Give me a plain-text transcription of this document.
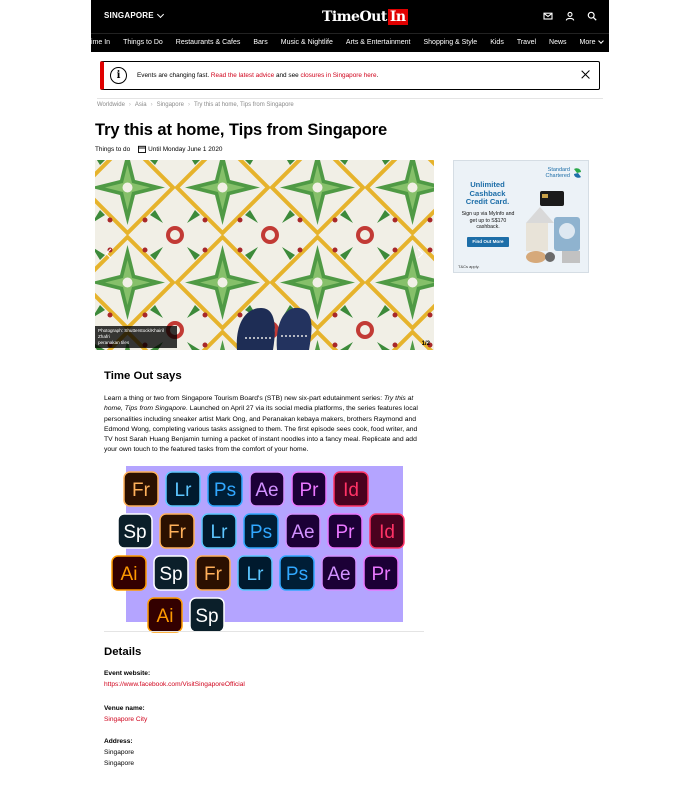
SINGAPORE	TimeOut In
Time In Things to Do Restaurants & Cafes Bars Music & Nightlife Arts & Entertainment Shopping & Style Kids Travel News More
i	Events are changing fast. Read the latest advice and see closures in Singapore here.
Worldwide › Asia › Singapore › Try this at home, Tips from Singapore
Try this at home, Tips from Singapore
Things to do	Until Monday June 1 2020
Photograph: Shutterstock/Khairil Zhafri
peranakan tiles	1/2
Standard
Chartered
Unlimited Cashback Credit Card.
Sign up via MyInfo and get up to S$170 cashback.
Find Out More
T&Cs apply.
Time Out says

Learn a thing or two from Singapore Tourism Board's (STB) new six-part edutainment series: Try this at home, Tips from Singapore. Launched on April 27 via its social media platforms, the series features local personalities including sneaker artist Mark Ong, and Peranakan kebaya makers, brothers Raymond and Edmond Wong, completing various tasks assigned to them. The first episode sees cook, food writer, and TV host Sarah Huang Benjamin turning a packet of instant noodles into a fancy meal. Replicate and add your own touch to the featured tasks from the comfort of your home.

Fr Lr Ps Ae Pr Id
Sp Fr Lr Ps Ae Pr Id
Ai Sp Fr Lr Ps Ae Pr
Ai Sp
Details
Event website:
https://www.facebook.com/VisitSingaporeOfficial
Venue name:
Singapore City
Address:
Singapore
Singapore
